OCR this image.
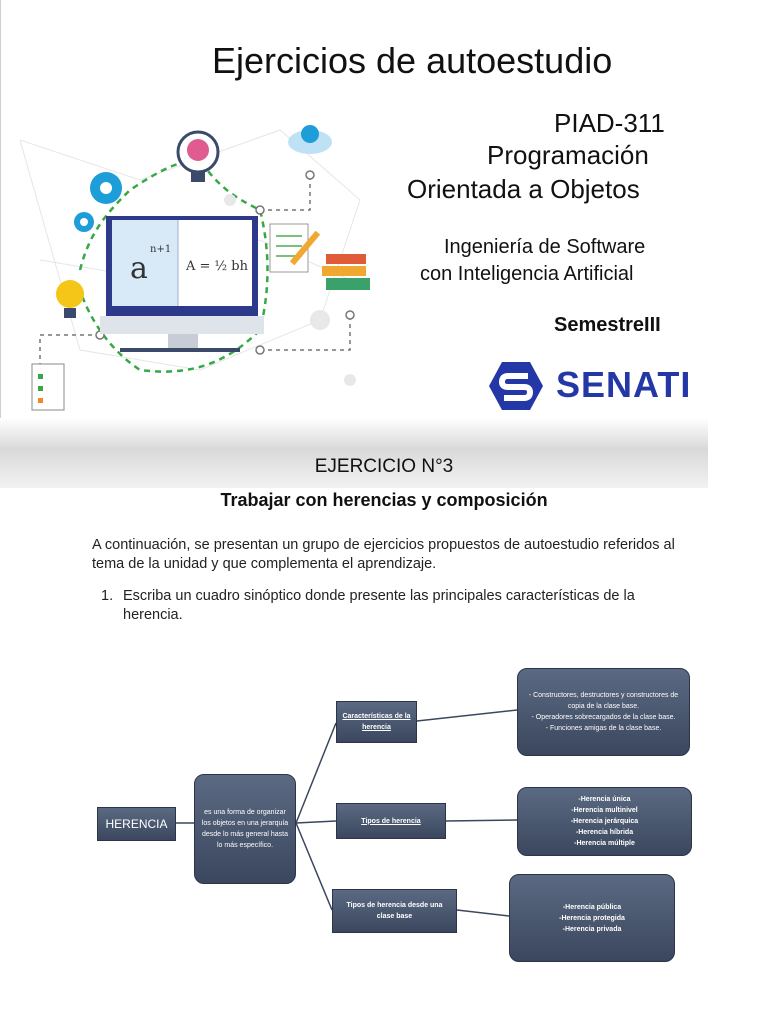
a
n+1
A = ½ bh
Ejercicios de autoestudio
PIAD-311
Programación
Orientada a Objetos
Ingeniería de Software
con Inteligencia Artificial
SemestreIII
SENATI
EJERCICIO N°3
Trabajar con herencias y composición
A continuación, se presentan un grupo de ejercicios propuestos de autoestudio referidos al tema de la unidad y que complementa el aprendizaje.
1. Escriba un cuadro sinóptico donde presente las principales características de la herencia.
HERENCIA
es una forma de organizar los objetos en una jerarquía desde lo más general hasta lo más específico.
Características de la herencia
Tipos de herencia
Tipos de herencia desde una clase base
- Constructores, destructores y constructores de copia de la clase base.
- Operadores sobrecargados de la clase base.
- Funciones amigas de la clase base.
-Herencia única
-Herencia multinivel
-Herencia jerárquica
-Herencia híbrida
-Herencia múltiple
-Herencia pública
-Herencia protegida
-Herencia privada
